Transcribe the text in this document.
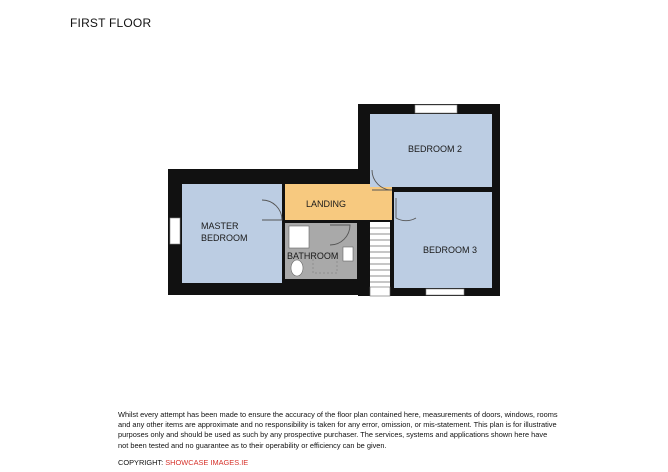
FIRST FLOOR
MASTER
BEDROOM
LANDING
BATHROOM
BEDROOM 2
BEDROOM 3
Whilst every attempt has been made to ensure the accuracy of the floor plan contained here, measurements of doors, windows, rooms and any other items are approximate and no responsibility is taken for any error, omission, or mis-statement. This plan is for illustrative purposes only and should be used as such by any prospective purchaser. The services, systems and applications shown here have not been tested and no guarantee as to their operability or efficiency can be given.
COPYRIGHT: SHOWCASE IMAGES.IE
